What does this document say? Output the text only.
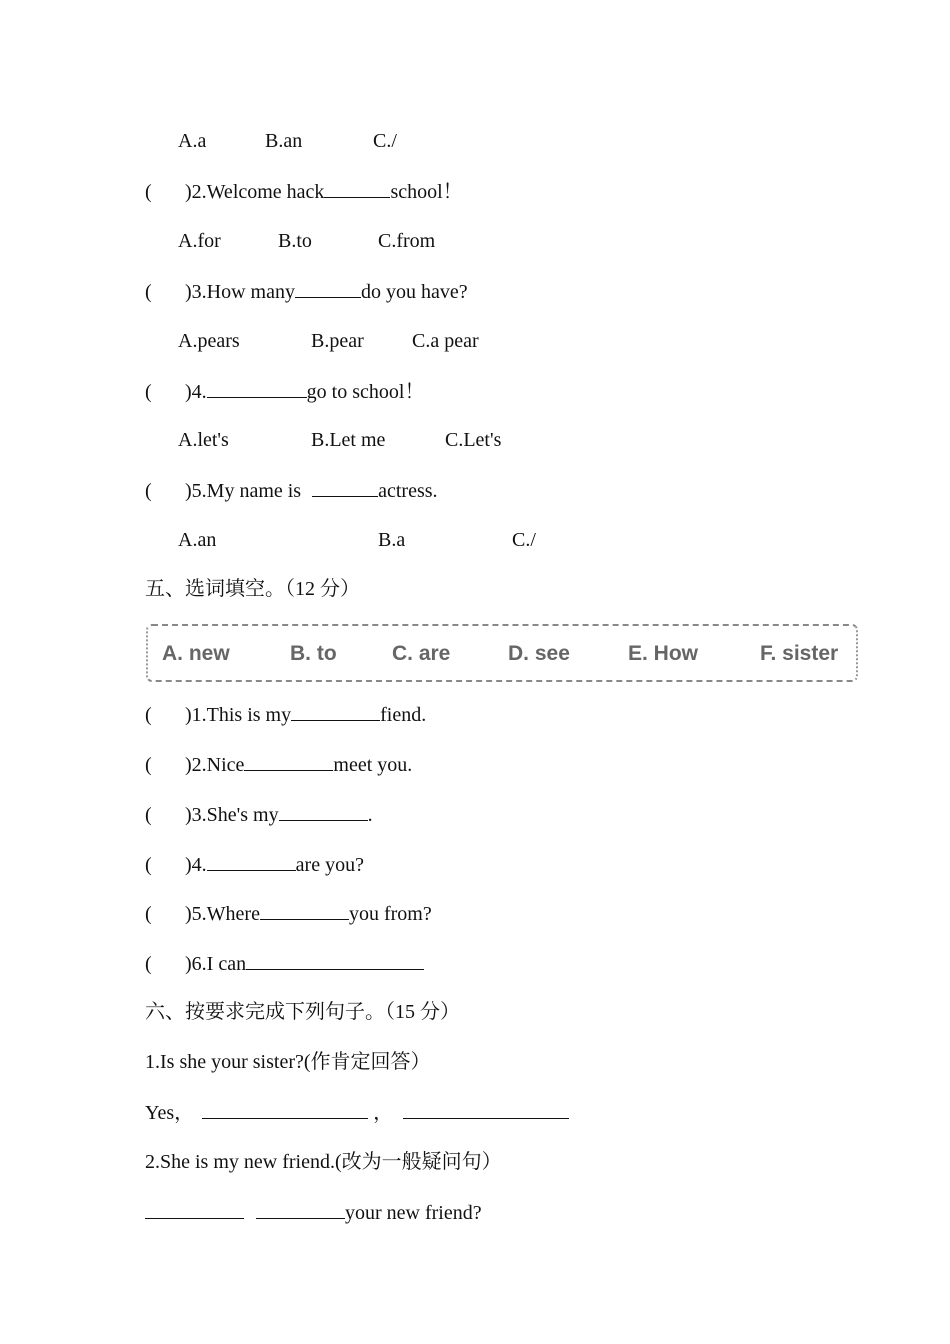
A.a	B.an	C./
( )2.Welcome hack	school！
A.for	B.to	C.from
( )3.How many	do you have?
A.pears	B.pear C.a pear
( )4.	go to school！
A.let's	B.Let me	C.Let's
( )5.My name is	actress.
A.an	B.a	C./
五、选词填空。（12 分）
A. new	B. to	C. are	D. see	E. How	F. sister
( )1.This is my	fiend.
( )2.Nice	meet you.
( )3.She's my	.
( )4.	are you?
( )5.Where	you from?
( )6.I can
六、按要求完成下列句子。（15 分）
1.Is she your sister?(作肯定回答）
Yes，	，
2.She is my new friend.(改为一般疑问句）
your new friend?
